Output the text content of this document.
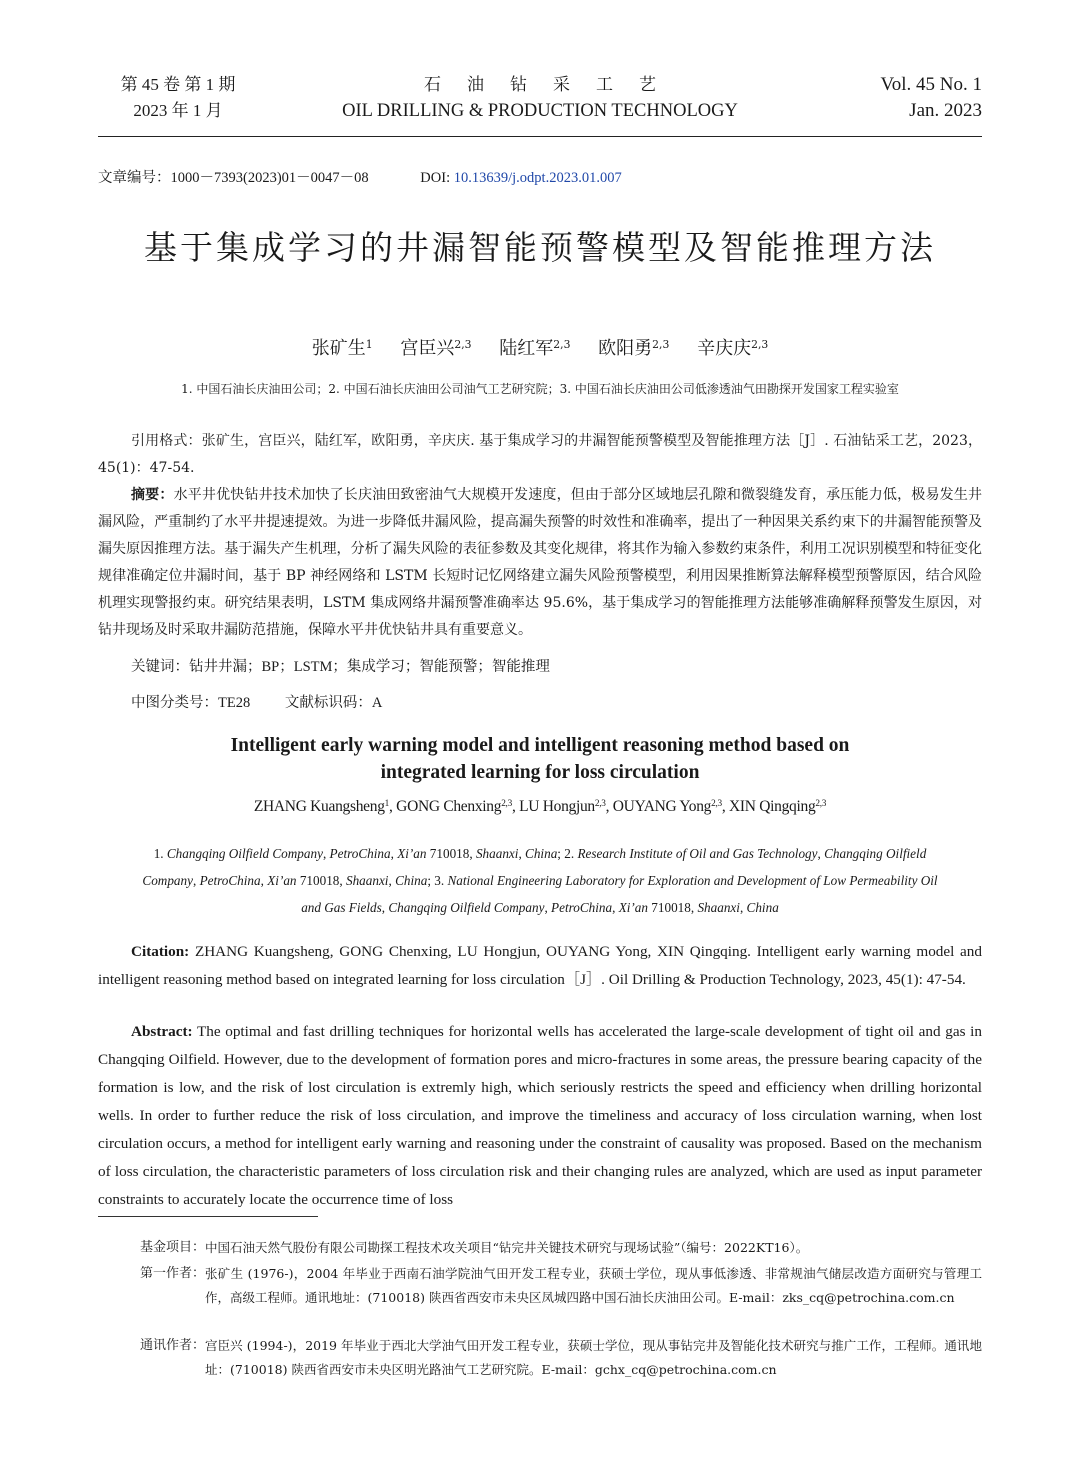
第 45 卷 第 1 期
2023 年 1 月
石油钻采工艺
OIL DRILLING & PRODUCTION TECHNOLOGY
Vol. 45 No. 1
Jan. 2023
文章编号：1000－7393(2023)01－0047－08	DOI: 10.13639/j.odpt.2023.01.007
基于集成学习的井漏智能预警模型及智能推理方法
张矿生$^1$ 宫臣兴$^{2,3}$ 陆红军$^{2,3}$ 欧阳勇$^{2,3}$ 辛庆庆$^{2,3}$
1. 中国石油长庆油田公司；2. 中国石油长庆油田公司油气工艺研究院；3. 中国石油长庆油田公司低渗透油气田勘探开发国家工程实验室
引用格式：张矿生，宫臣兴，陆红军，欧阳勇，辛庆庆. 基于集成学习的井漏智能预警模型及智能推理方法［J］. 石油钻采工艺，2023，45(1)：47-54.
摘要：水平井优快钻井技术加快了长庆油田致密油气大规模开发速度，但由于部分区域地层孔隙和微裂缝发育，承压能力低，极易发生井漏风险，严重制约了水平井提速提效。为进一步降低井漏风险，提高漏失预警的时效性和准确率，提出了一种因果关系约束下的井漏智能预警及漏失原因推理方法。基于漏失产生机理，分析了漏失风险的表征参数及其变化规律，将其作为输入参数约束条件，利用工况识别模型和特征变化规律准确定位井漏时间，基于 BP 神经网络和 LSTM 长短时记忆网络建立漏失风险预警模型，利用因果推断算法解释模型预警原因，结合风险机理实现警报约束。研究结果表明，LSTM 集成网络井漏预警准确率达 95.6%，基于集成学习的智能推理方法能够准确解释预警发生原因，对钻井现场及时采取井漏防范措施，保障水平井优快钻井具有重要意义。
关键词：钻井井漏；BP；LSTM；集成学习；智能预警；智能推理
中图分类号：TE28 文献标识码：A
Intelligent early warning model and intelligent reasoning method based on
integrated learning for loss circulation
ZHANG Kuangsheng$^1$, GONG Chenxing$^{2,3}$, LU Hongjun$^{2,3}$, OUYANG Yong$^{2,3}$, XIN Qingqing$^{2,3}$
1. Changqing Oilfield Company, PetroChina, Xi’an 710018, Shaanxi, China; 2. Research Institute of Oil and Gas Technology, Changqing Oilfield
Company, PetroChina, Xi’an 710018, Shaanxi, China; 3. National Engineering Laboratory for Exploration and Development of Low Permeability Oil
and Gas Fields, Changqing Oilfield Company, PetroChina, Xi’an 710018, Shaanxi, China
Citation: ZHANG Kuangsheng, GONG Chenxing, LU Hongjun, OUYANG Yong, XIN Qingqing. Intelligent early warning model and intelligent reasoning method based on integrated learning for loss circulation［J］. Oil Drilling & Production Technology, 2023, 45(1): 47-54.
Abstract: The optimal and fast drilling techniques for horizontal wells has accelerated the large-scale development of tight oil and gas in Changqing Oilfield. However, due to the development of formation pores and micro-fractures in some areas, the pressure bearing capacity of the formation is low, and the risk of lost circulation is extremly high, which seriously restricts the speed and efficiency when drilling horizontal wells. In order to further reduce the risk of loss circulation, and improve the timeliness and accuracy of loss circulation warning, when lost circulation occurs, a method for intelligent early warning and reasoning under the constraint of causality was proposed. Based on the mechanism of loss circulation, the characteristic parameters of loss circulation risk and their changing rules are analyzed, which are used as input parameter constraints to accurately locate the occurrence time of loss
基金项目： 中国石油天然气股份有限公司勘探工程技术攻关项目“钻完井关键技术研究与现场试验”（编号：2022KT16）。
第一作者： 张矿生 (1976-)，2004 年毕业于西南石油学院油气田开发工程专业，获硕士学位，现从事低渗透、非常规油气储层改造方面研究与管理工作，高级工程师。通讯地址：(710018) 陕西省西安市未央区凤城四路中国石油长庆油田公司。E-mail：zks_cq@petrochina.com.cn
通讯作者： 宫臣兴 (1994-)，2019 年毕业于西北大学油气田开发工程专业，获硕士学位，现从事钻完井及智能化技术研究与推广工作，工程师。通讯地址：(710018) 陕西省西安市未央区明光路油气工艺研究院。E-mail：gchx_cq@petrochina.com.cn
